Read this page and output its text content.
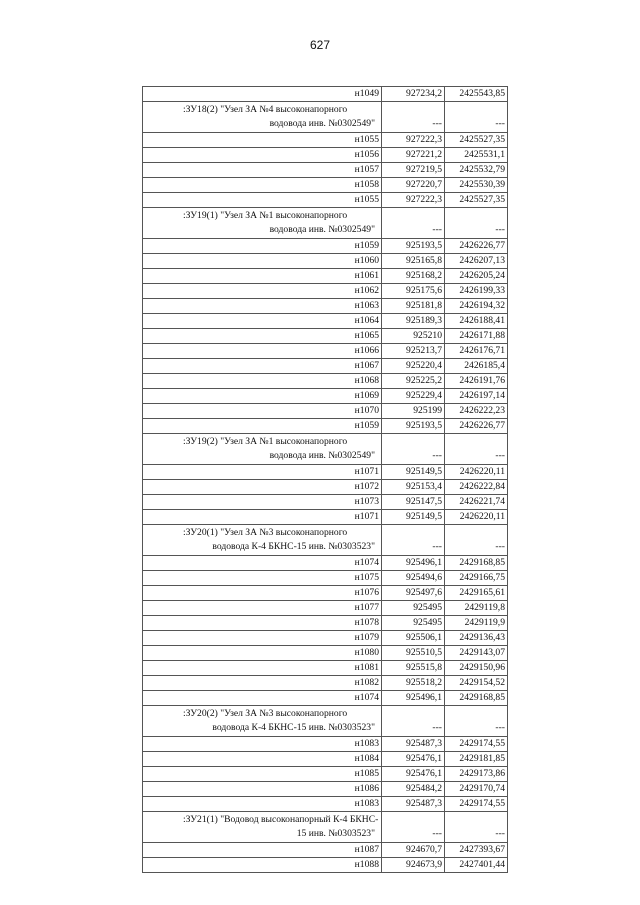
627
н1049	927234,2	2425543,85

:ЗУ18(2) "Узел ЗА №4 высоконапорного
водовода инв. №0302549"	---	---
н1055	927222,3	2425527,35
н1056	927221,2	2425531,1
н1057	927219,5	2425532,79
н1058	927220,7	2425530,39
н1055	927222,3	2425527,35

:ЗУ19(1) "Узел ЗА №1 высоконапорного
водовода инв. №0302549"	---	---
н1059	925193,5	2426226,77
н1060	925165,8	2426207,13
н1061	925168,2	2426205,24
н1062	925175,6	2426199,33
н1063	925181,8	2426194,32
н1064	925189,3	2426188,41
н1065	925210	2426171,88
н1066	925213,7	2426176,71
н1067	925220,4	2426185,4
н1068	925225,2	2426191,76
н1069	925229,4	2426197,14
н1070	925199	2426222,23
н1059	925193,5	2426226,77

:ЗУ19(2) "Узел ЗА №1 высоконапорного
водовода инв. №0302549"	---	---
н1071	925149,5	2426220,11
н1072	925153,4	2426222,84
н1073	925147,5	2426221,74
н1071	925149,5	2426220,11

:ЗУ20(1) "Узел ЗА №3 высоконапорного
водовода К-4 БКНС-15 инв. №0303523"	---	---
н1074	925496,1	2429168,85
н1075	925494,6	2429166,75
н1076	925497,6	2429165,61
н1077	925495	2429119,8
н1078	925495	2429119,9
н1079	925506,1	2429136,43
н1080	925510,5	2429143,07
н1081	925515,8	2429150,96
н1082	925518,2	2429154,52
н1074	925496,1	2429168,85

:ЗУ20(2) "Узел ЗА №3 высоконапорного
водовода К-4 БКНС-15 инв. №0303523"	---	---
н1083	925487,3	2429174,55
н1084	925476,1	2429181,85
н1085	925476,1	2429173,86
н1086	925484,2	2429170,74
н1083	925487,3	2429174,55

:ЗУ21(1) "Водовод высоконапорный К-4 БКНС-
15 инв. №0303523"	---	---
н1087	924670,7	2427393,67
н1088	924673,9	2427401,44
